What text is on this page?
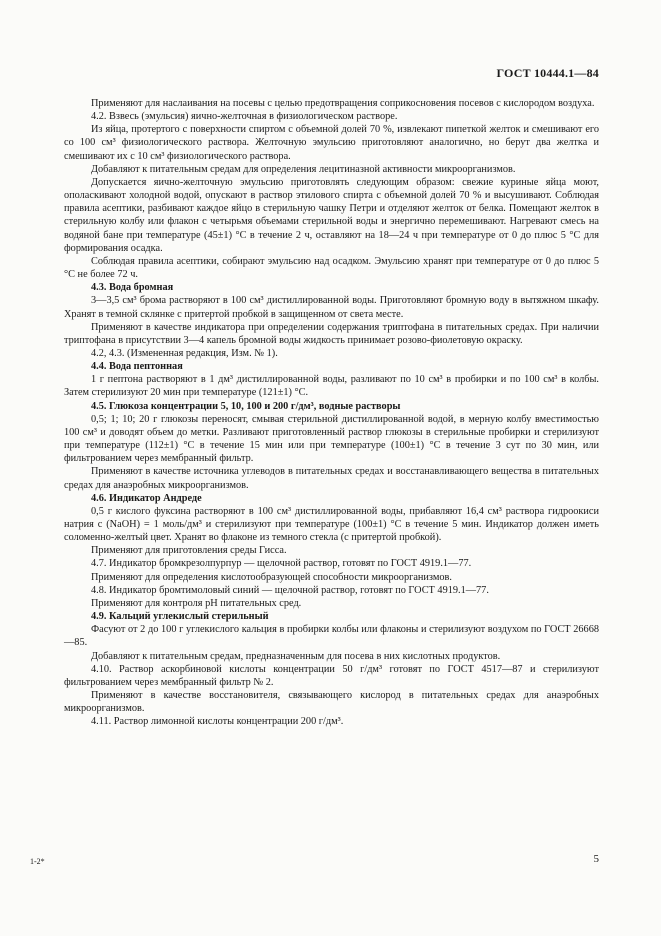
ГОСТ 10444.1—84

Применяют для наслаивания на посевы с целью предотвращения соприкосновения посевов с кислородом воздуха.

4.2. Взвесь (эмульсия) яично-желточная в физиологическом растворе.

Из яйца, протертого с поверхности спиртом с объемной долей 70 %, извлекают пипеткой желток и смешивают его со 100 см³ физиологического раствора. Желточную эмульсию приготовляют аналогично, но берут два желтка и смешивают их с 10 см³ физиологического раствора.

Добавляют к питательным средам для определения лецитиназной активности микроорганизмов.

Допускается яично-желточную эмульсию приготовлять следующим образом: свежие куриные яйца моют, ополаскивают холодной водой, опускают в раствор этилового спирта с объемной долей 70 % и высушивают. Соблюдая правила асептики, разбивают каждое яйцо в стерильную чашку Петри и отделяют желток от белка. Помещают желток в стерильную колбу или флакон с четырьмя объемами стерильной воды и энергично перемешивают. Нагревают смесь на водяной бане при температуре (45±1) °С в течение 2 ч, оставляют на 18—24 ч при температуре от 0 до плюс 5 °С для формирования осадка.

Соблюдая правила асептики, собирают эмульсию над осадком. Эмульсию хранят при температуре от 0 до плюс 5 °С не более 72 ч.

4.3. Вода бромная

3—3,5 см³ брома растворяют в 100 см³ дистиллированной воды. Приготовляют бромную воду в вытяжном шкафу. Хранят в темной склянке с притертой пробкой в защищенном от света месте.

Применяют в качестве индикатора при определении содержания триптофана в питательных средах. При наличии триптофана в присутствии 3—4 капель бромной воды жидкость принимает розово-фиолетовую окраску.

4.2, 4.3. (Измененная редакция, Изм. № 1).

4.4. Вода пептонная

1 г пептона растворяют в 1 дм³ дистиллированной воды, разливают по 10 см³ в пробирки и по 100 см³ в колбы. Затем стерилизуют 20 мин при температуре (121±1) °С.

4.5. Глюкоза концентрации 5, 10, 100 и 200 г/дм³, водные растворы

0,5; 1; 10; 20 г глюкозы переносят, смывая стерильной дистиллированной водой, в мерную колбу вместимостью 100 см³ и доводят объем до метки. Разливают приготовленный раствор глюкозы в стерильные пробирки и стерилизуют при температуре (112±1) °С в течение 15 мин или при температуре (100±1) °С в течение 3 сут по 30 мин, или фильтрованием через мембранный фильтр.

Применяют в качестве источника углеводов в питательных средах и восстанавливающего вещества в питательных средах для анаэробных микроорганизмов.

4.6. Индикатор Андреде

0,5 г кислого фуксина растворяют в 100 см³ дистиллированной воды, прибавляют 16,4 см³ раствора гидроокиси натрия с (NaOH) = 1 моль/дм³ и стерилизуют при температуре (100±1) °С в течение 5 мин. Индикатор должен иметь соломенно-желтый цвет. Хранят во флаконе из темного стекла (с притертой пробкой).

Применяют для приготовления среды Гисса.

4.7. Индикатор бромкрезолпурпур — щелочной раствор, готовят по ГОСТ 4919.1—77.

Применяют для определения кислотообразующей способности микроорганизмов.

4.8. Индикатор бромтимоловый синий — щелочной раствор, готовят по ГОСТ 4919.1—77.

Применяют для контроля pH питательных сред.

4.9. Кальций углекислый стерильный

Фасуют от 2 до 100 г углекислого кальция в пробирки колбы или флаконы и стерилизуют воздухом по ГОСТ 26668—85.

Добавляют к питательным средам, предназначенным для посева в них кислотных продуктов.

4.10. Раствор аскорбиновой кислоты концентрации 50 г/дм³ готовят по ГОСТ 4517—87 и стерилизуют фильтрованием через мембранный фильтр № 2.

Применяют в качестве восстановителя, связывающего кислород в питательных средах для анаэробных микроорганизмов.

4.11. Раствор лимонной кислоты концентрации 200 г/дм³.

1-2*	5
